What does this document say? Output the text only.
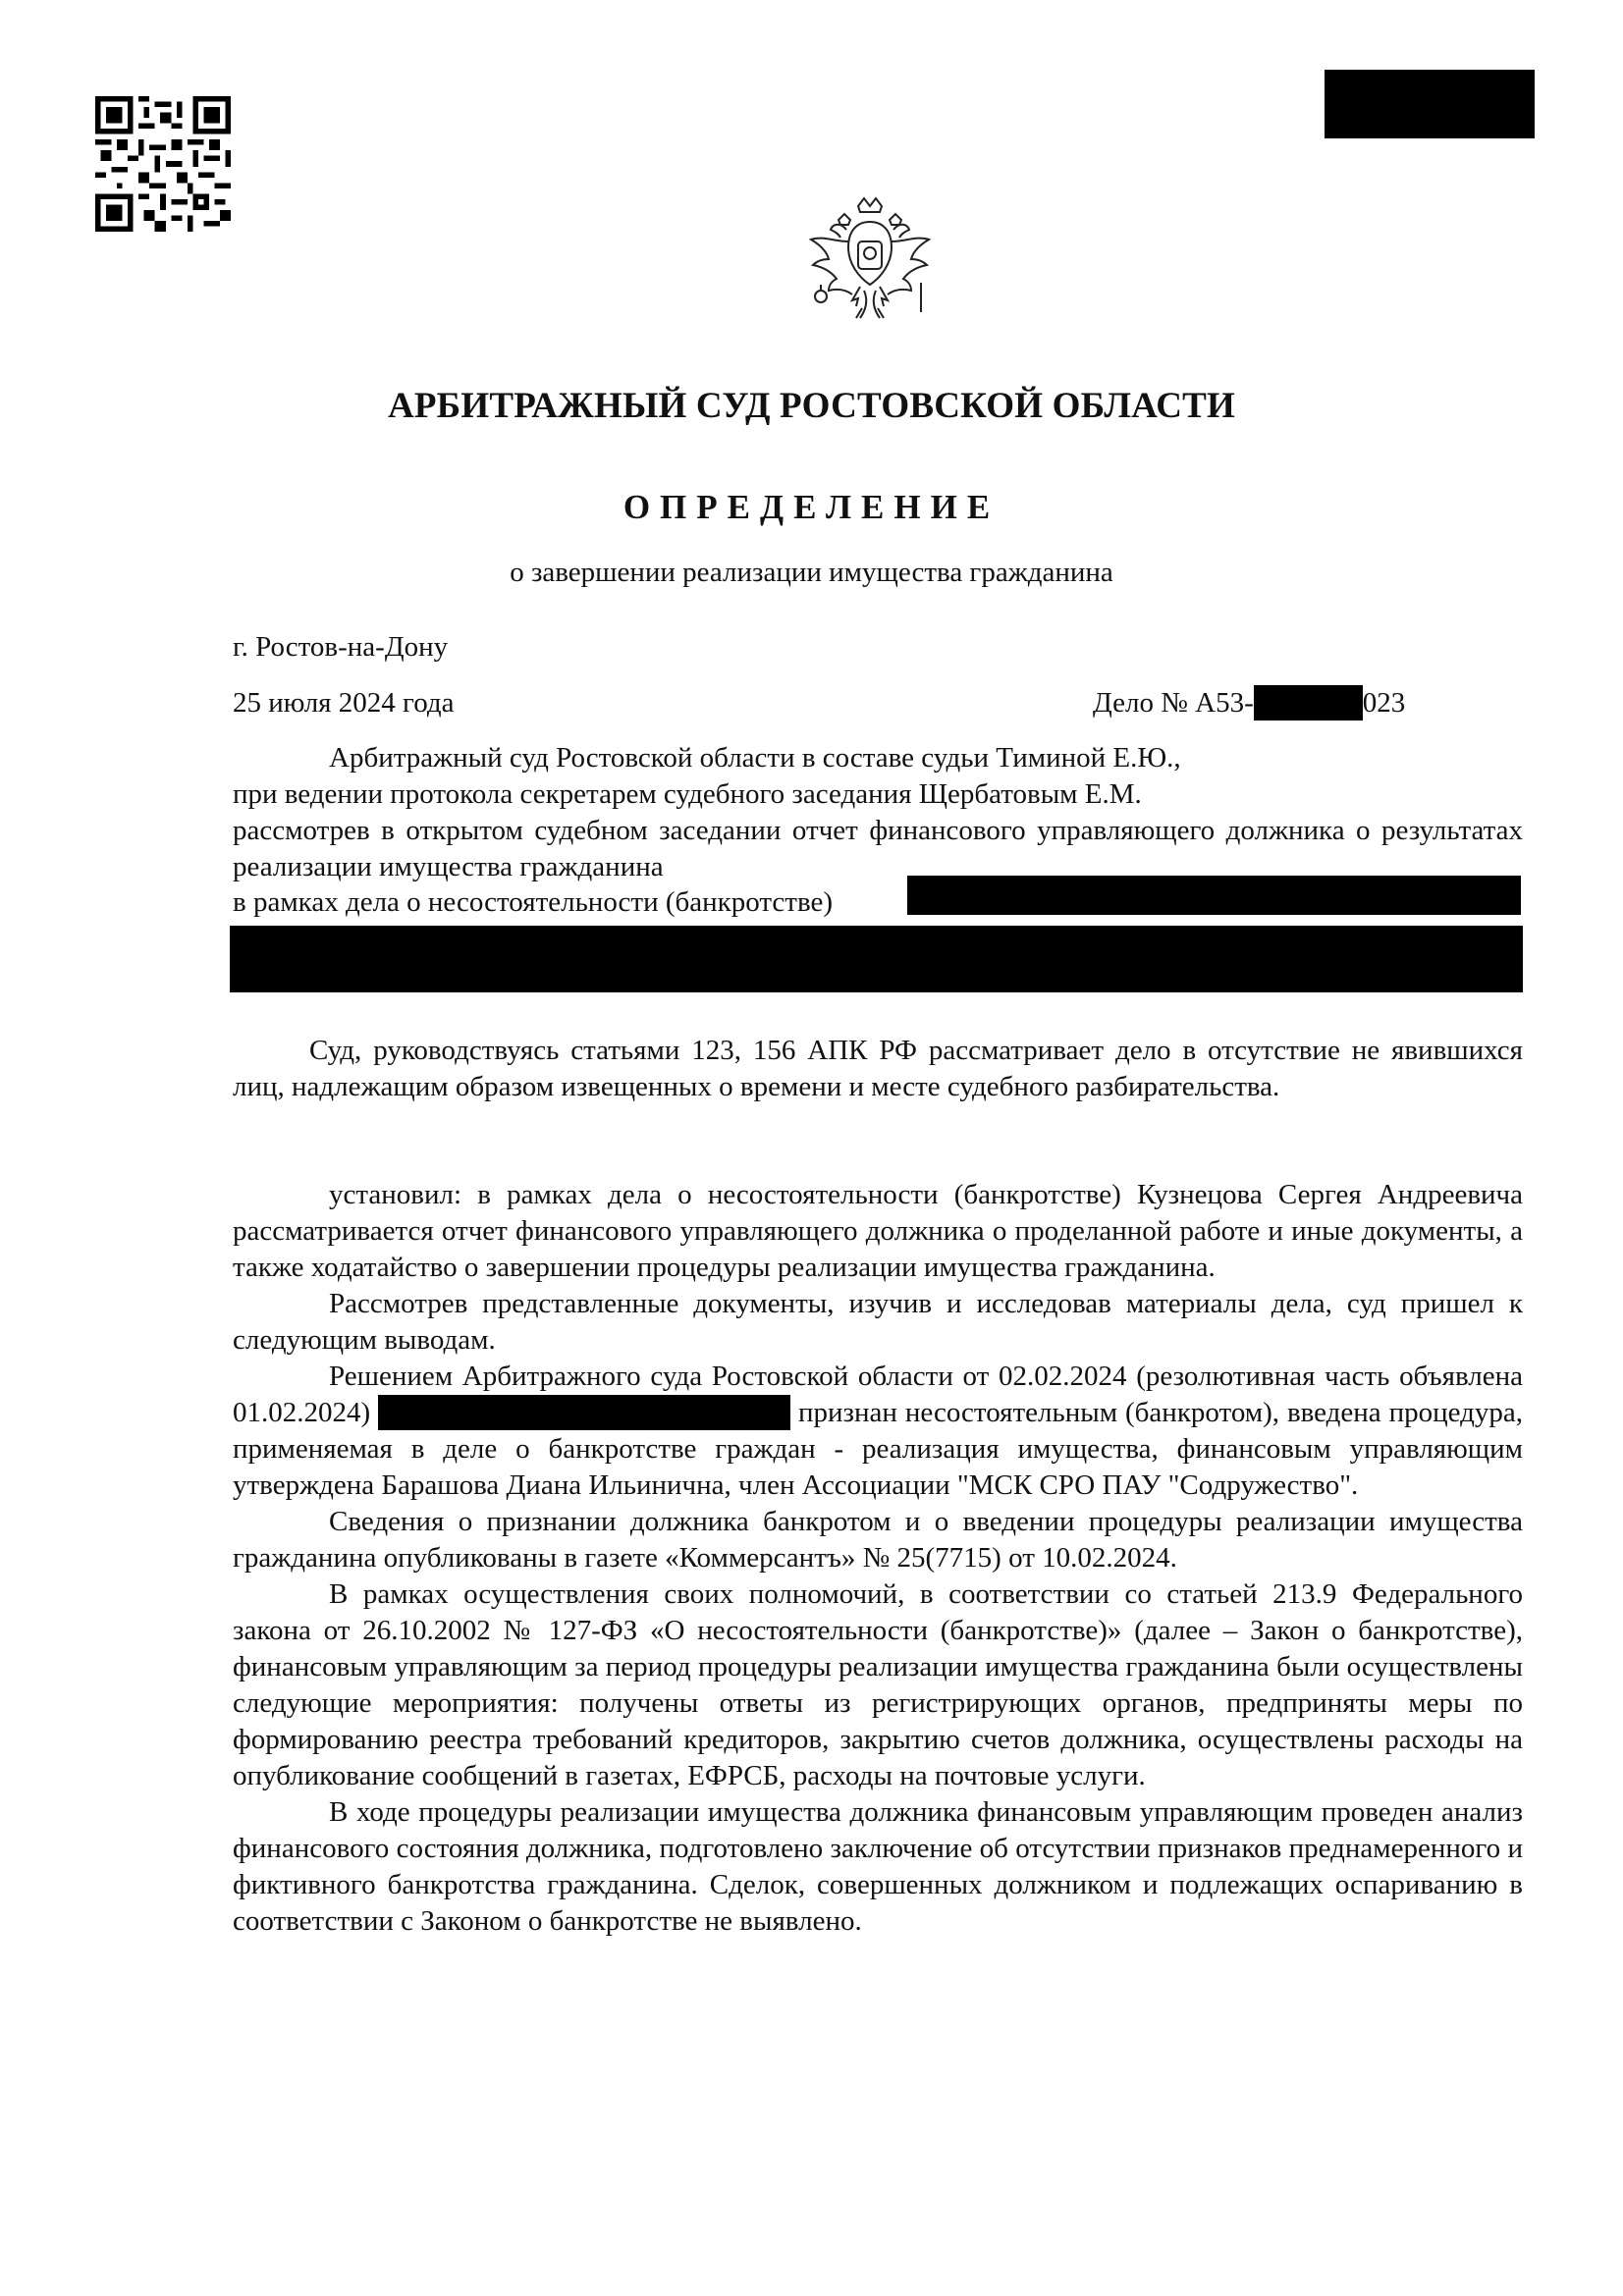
АРБИТРАЖНЫЙ СУД РОСТОВСКОЙ ОБЛАСТИ
ОПРЕДЕЛЕНИЕ
о завершении реализации имущества гражданина
г. Ростов-на-Дону
25 июля 2024 года	Дело № А53-	023
Арбитражный суд Ростовской области в составе судьи Тиминой Е.Ю.,
при ведении протокола секретарем судебного заседания Щербатовым Е.М.

рассмотрев в открытом судебном заседании отчет финансового управляющего должника о результатах реализации имущества гражданина

в рамках дела о несостоятельности (банкротстве)

Суд, руководствуясь статьями 123, 156 АПК РФ рассматривает дело в отсутствие не явившихся лиц, надлежащим образом извещенных о времени и месте судебного разбирательства.

установил: в рамках дела о несостоятельности (банкротстве) Кузнецова Сергея Андреевича рассматривается отчет финансового управляющего должника о проделанной работе и иные документы, а также ходатайство о завершении процедуры реализации имущества гражданина.

Рассмотрев представленные документы, изучив и исследовав материалы дела, суд пришел к следующим выводам.

Решением Арбитражного суда Ростовской области от 02.02.2024 (резолютивная часть объявлена 01.02.2024)	признан несостоятельным (банкротом), введена процедура, применяемая в деле о банкротстве граждан - реализация имущества, финансовым управляющим утверждена Барашова Диана Ильинична, член Ассоциации "МСК СРО ПАУ "Содружество".

Сведения о признании должника банкротом и о введении процедуры реализации имущества гражданина опубликованы в газете «Коммерсантъ» № 25(7715) от 10.02.2024.

В рамках осуществления своих полномочий, в соответствии со статьей 213.9 Федерального закона от 26.10.2002 № 127-ФЗ «О несостоятельности (банкротстве)» (далее – Закон о банкротстве), финансовым управляющим за период процедуры реализации имущества гражданина были осуществлены следующие мероприятия: получены ответы из регистрирующих органов, предприняты меры по формированию реестра требований кредиторов, закрытию счетов должника, осуществлены расходы на опубликование сообщений в газетах, ЕФРСБ, расходы на почтовые услуги.

В ходе процедуры реализации имущества должника финансовым управляющим проведен анализ финансового состояния должника, подготовлено заключение об отсутствии признаков преднамеренного и фиктивного банкротства гражданина. Сделок, совершенных должником и подлежащих оспариванию в соответствии с Законом о банкротстве не выявлено.
